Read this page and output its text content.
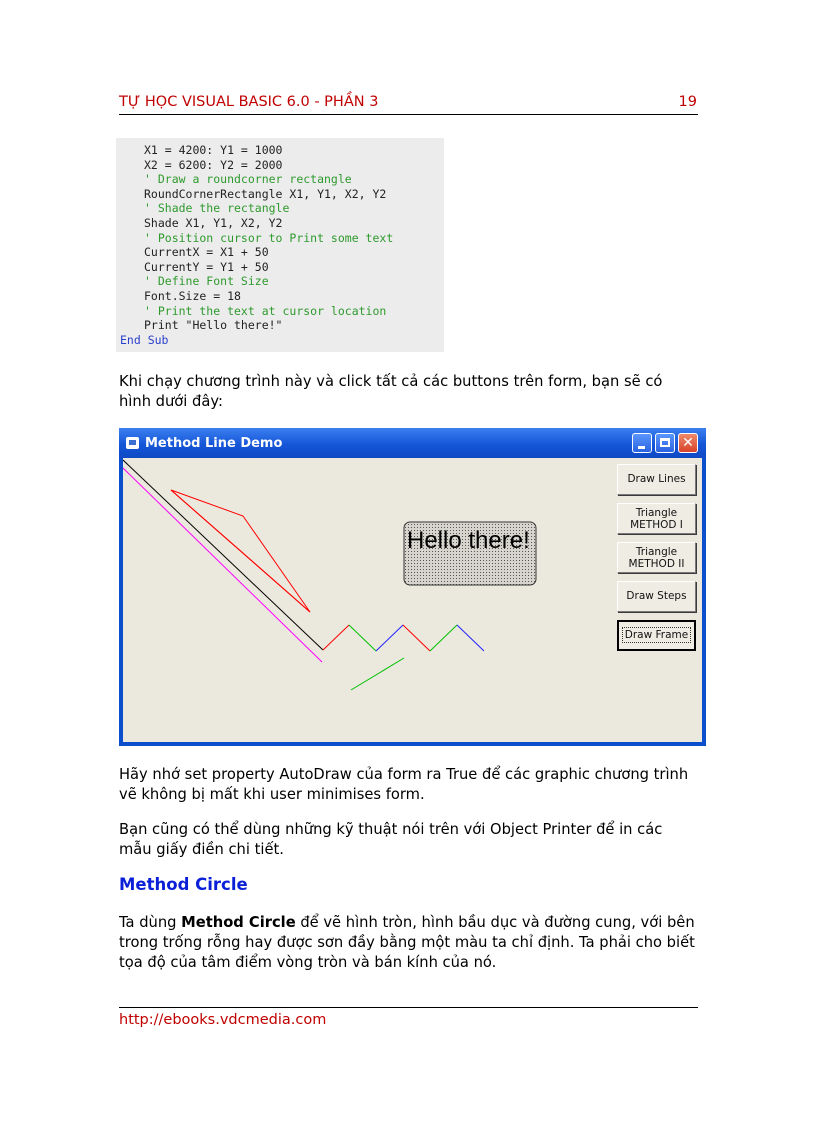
TỰ HỌC VISUAL BASIC 6.0 - PHẦN 3	19
X1 = 4200: Y1 = 1000
X2 = 6200: Y2 = 2000
' Draw a roundcorner rectangle
RoundCornerRectangle X1, Y1, X2, Y2
' Shade the rectangle
Shade X1, Y1, X2, Y2
' Position cursor to Print some text
CurrentX = X1 + 50
CurrentY = Y1 + 50
' Define Font Size
Font.Size = 18
' Print the text at cursor location
Print "Hello there!"
End Sub
Khi chạy chương trình này và click tất cả các buttons trên form, bạn sẽ có hình dưới đây:
Method Line Demo	✕
Hello there!
Draw Lines
Triangle
METHOD I
Triangle
METHOD II
Draw Steps
Draw Frame
Hãy nhớ set property AutoDraw của form ra True để các graphic chương trình vẽ không bị mất khi user minimises form.
Bạn cũng có thể dùng những kỹ thuật nói trên với Object Printer để in các mẫu giấy điền chi tiết.
Method Circle
Ta dùng Method Circle để vẽ hình tròn, hình bầu dục và đường cung, với bên trong trống rỗng hay được sơn đầy bằng một màu ta chỉ định. Ta phải cho biết tọa độ của tâm điểm vòng tròn và bán kính của nó.
http://ebooks.vdcmedia.com
